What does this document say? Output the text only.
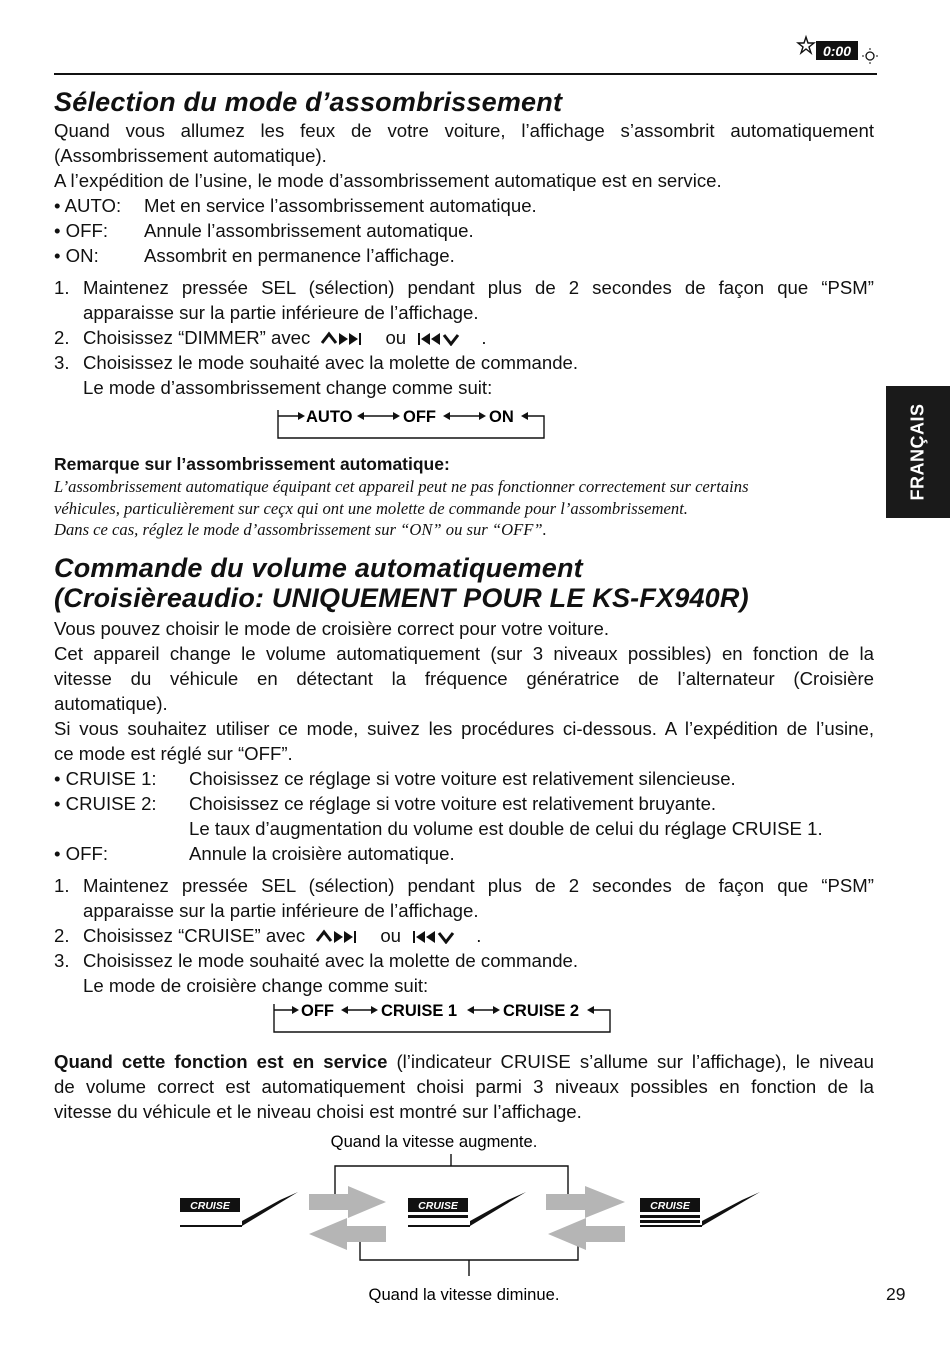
0:00
FRANÇAIS
Sélection du mode d’assombrissement
Quand vous allumez les feux de votre voiture, l’affichage s’assombrit automatiquement
(Assombrissement automatique).
A l’expédition de l’usine, le mode d’assombrissement automatique est en service.
• AUTO:	Met en service l’assombrissement automatique.
• OFF:	Annule l’assombrissement automatique.
• ON:	Assombrit en permanence l’affichage.
1. Maintenez pressée SEL (sélection) pendant plus de 2 secondes de façon que “PSM”
apparaisse sur la partie inférieure de l’affichage.
2. Choisissez “DIMMER” avec	ou	.
3. Choisissez le mode souhaité avec la molette de commande.
Le mode d’assombrissement change comme suit:
AUTO	OFF	ON
Remarque sur l’assombrissement automatique:
L’assombrissement automatique équipant cet appareil peut ne pas fonctionner correctement sur certains
véhicules, particulièrement sur ceçx qui ont une molette de commande pour l’assombrissement.
Dans ce cas, réglez le mode d’assombrissement sur “ON” ou sur “OFF”.
Commande du volume automatiquement
(Croisièreaudio: UNIQUEMENT POUR LE KS-FX940R)
Vous pouvez choisir le mode de croisière correct pour votre voiture.
Cet appareil change le volume automatiquement (sur 3 niveaux possibles) en fonction de la
vitesse du véhicule en détectant la fréquence génératrice de l’alternateur (Croisière
automatique).
Si vous souhaitez utiliser ce mode, suivez les procédures ci-dessous. A l’expédition de l’usine,
ce mode est réglé sur “OFF”.
• CRUISE 1:	Choisissez ce réglage si votre voiture est relativement silencieuse.
• CRUISE 2:	Choisissez ce réglage si votre voiture est relativement bruyante.
Le taux d’augmentation du volume est double de celui du réglage CRUISE 1.
• OFF:	Annule la croisière automatique.
1. Maintenez pressée SEL (sélection) pendant plus de 2 secondes de façon que “PSM”
apparaisse sur la partie inférieure de l’affichage.
2. Choisissez “CRUISE” avec	ou	.
3. Choisissez le mode souhaité avec la molette de commande.
Le mode de croisière change comme suit:
OFF	CRUISE 1	CRUISE 2
Quand cette fonction est en service (l’indicateur CRUISE s’allume sur l’affichage), le niveau
de volume correct est automatiquement choisi parmi 3 niveaux possibles en fonction de la
vitesse du véhicule et le niveau choisi est montré sur l’affichage.
Quand la vitesse augmente.
Quand la vitesse diminue.
CRUISE	CRUISE	CRUISE
29
